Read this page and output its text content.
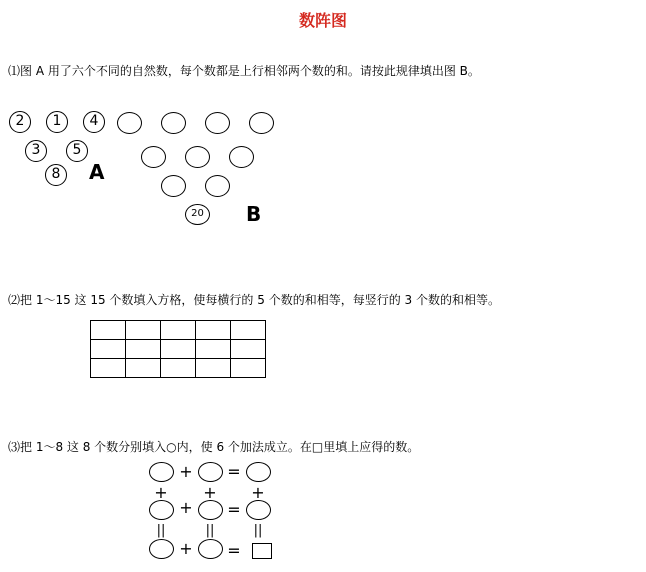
数阵图
⑴图 A 用了六个不同的自然数，每个数都是上行相邻两个数的和。请按此规律填出图 B。
2	1	4
3	5
8	A
20	B
⑵把 1～15 这 15 个数填入方格，使每横行的 5 个数的和相等，每竖行的 3 个数的和相等。

⑶把 1～8 这 8 个数分别填入○内，使 6 个加法成立。在□里填上应得的数。
+ =
+ + +
+ =
||	||	||
+ =
